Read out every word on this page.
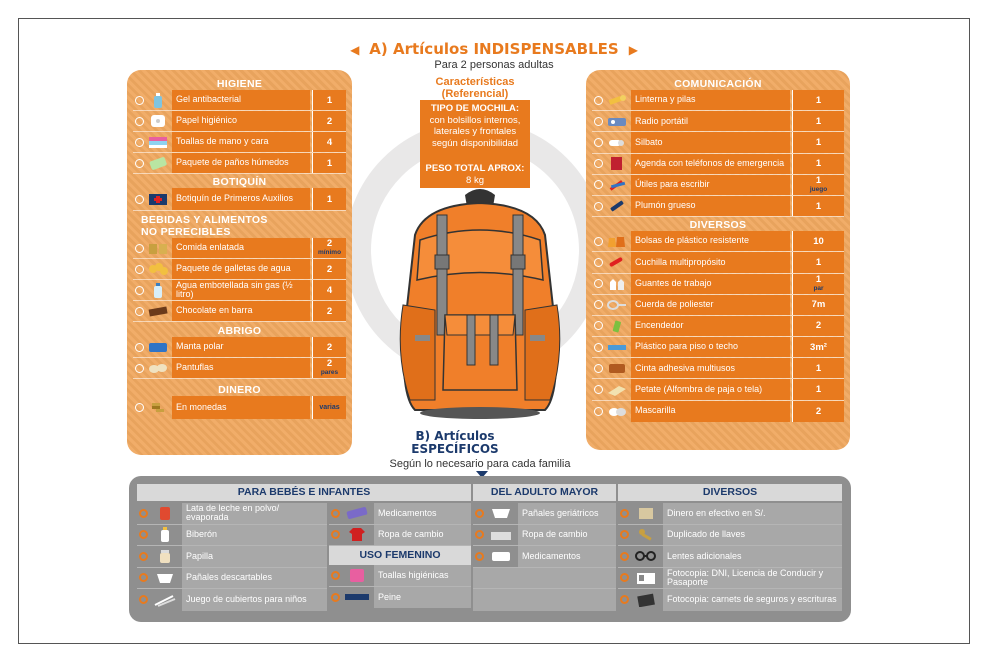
◀ A) Artículos INDISPENSABLES ▶
Para 2 personas adultas
Características
(Referencial)
TIPO DE MOCHILA:
con bolsillos internos, laterales y frontales según disponibilidad
PESO TOTAL APROX:
8 kg
HIGIENE
Gel antibacterial	1
Papel higiénico	2
Toallas de mano y cara	4
Paquete de paños húmedos	1
BOTIQUÍN
Botiquín de Primeros Auxilios	1
BEBIDAS Y ALIMENTOS
NO PERECIBLES
Comida enlatada	2
mínimo
Paquete de galletas de agua	2
Agua embotellada sin gas (½ litro)	4
Chocolate en barra	2
ABRIGO
Manta polar	2
Pantuflas	2
pares
DINERO
En monedas	varias
COMUNICACIÓN
Linterna y pilas	1
Radio portátil	1
Silbato	1
Agenda con teléfonos de emergencia	1
Útiles para escribir	1
juego
Plumón grueso	1
DIVERSOS
Bolsas de plástico resistente	10
Cuchilla multipropósito	1
Guantes de trabajo	1
par
Cuerda de poliester	7m
Encendedor	2
Plástico para piso o techo	3m²
Cinta adhesiva multiusos	1
Petate (Alfombra de paja o tela)	1
Mascarilla	2
B) Artículos
ESPECÍFICOS
Según lo necesario para cada familia
PARA BEBÉS E INFANTES
Lata de leche en polvo/ evaporada
Biberón
Papilla
Pañales descartables
Juego de cubiertos para niños
Medicamentos
Ropa de cambio
USO FEMENINO
Toallas higiénicas
Peine
DEL ADULTO MAYOR
Pañales geriátricos
Ropa de cambio
Medicamentos
DIVERSOS
Dinero en efectivo en S/.
Duplicado de llaves
Lentes adicionales
Fotocopia: DNI, Licencia de Conducir y Pasaporte
Fotocopia: carnets de seguros y escrituras
